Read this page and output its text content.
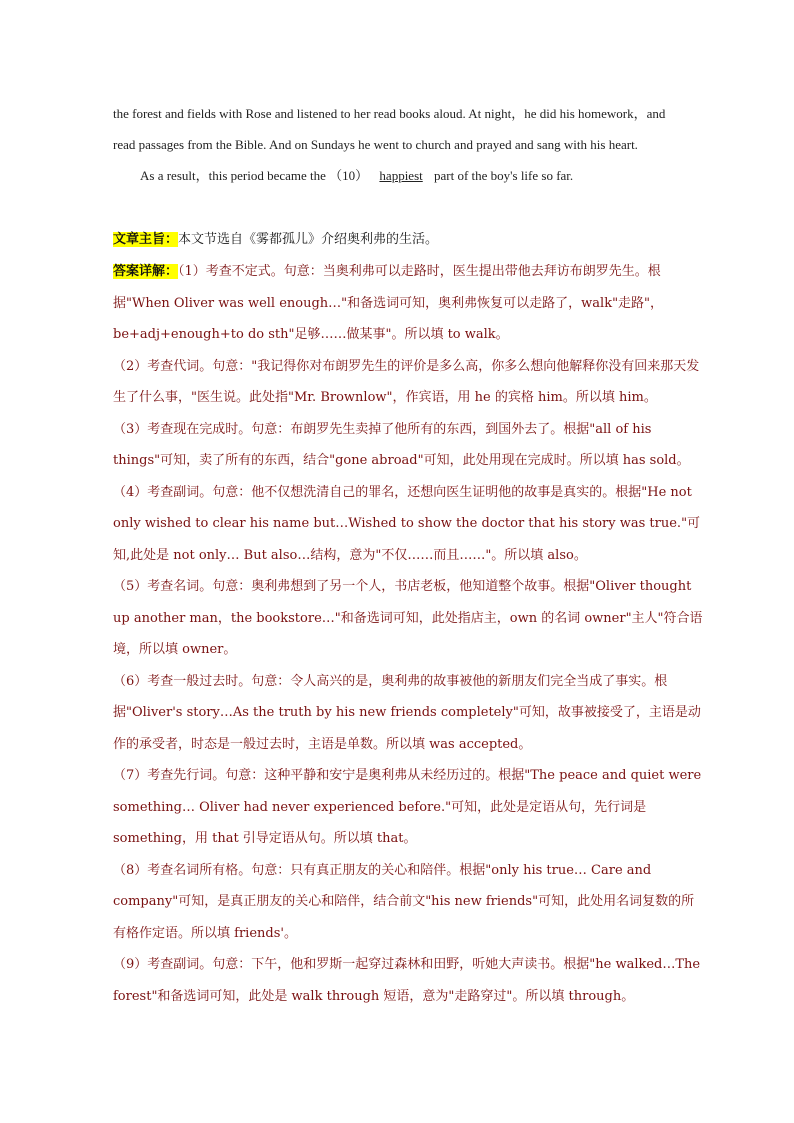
the forest and fields with Rose and listened to her read books aloud. At night，he did his homework，and

read passages from the Bible. And on Sundays he went to church and prayed and sang with his heart.

As a result，this period became the （10） happiest part of the boy's life so far.

文章主旨：本文节选自《雾都孤儿》介绍奥利弗的生活。

答案详解：（1）考查不定式。句意：当奥利弗可以走路时，医生提出带他去拜访布朗罗先生。根据"When Oliver was well enough…"和备选词可知，奥利弗恢复可以走路了，walk"走路"，be+adj+enough+to do sth"足够……做某事"。所以填 to walk。

（2）考查代词。句意："我记得你对布朗罗先生的评价是多么高，你多么想向他解释你没有回来那天发生了什么事，"医生说。此处指"Mr. Brownlow"，作宾语，用 he 的宾格 him。所以填 him。

（3）考查现在完成时。句意：布朗罗先生卖掉了他所有的东西，到国外去了。根据"all of his things"可知，卖了所有的东西，结合"gone abroad"可知，此处用现在完成时。所以填 has sold。

（4）考查副词。句意：他不仅想洗清自己的罪名，还想向医生证明他的故事是真实的。根据"He not only wished to clear his name but…Wished to show the doctor that his story was true."可知,此处是 not only… But also…结构，意为"不仅……而且……"。所以填 also。

（5）考查名词。句意：奥利弗想到了另一个人，书店老板，他知道整个故事。根据"Oliver thought up another man，the bookstore…"和备选词可知，此处指店主，own 的名词 owner"主人"符合语境，所以填 owner。

（6）考查一般过去时。句意：令人高兴的是，奥利弗的故事被他的新朋友们完全当成了事实。根据"Oliver's story…As the truth by his new friends completely"可知，故事被接受了，主语是动作的承受者，时态是一般过去时，主语是单数。所以填 was accepted。

（7）考查先行词。句意：这种平静和安宁是奥利弗从未经历过的。根据"The peace and quiet were something… Oliver had never experienced before."可知，此处是定语从句，先行词是 something，用 that 引导定语从句。所以填 that。

（8）考查名词所有格。句意：只有真正朋友的关心和陪伴。根据"only his true… Care and company"可知，是真正朋友的关心和陪伴，结合前文"his new friends"可知，此处用名词复数的所有格作定语。所以填 friends'。

（9）考查副词。句意：下午，他和罗斯一起穿过森林和田野，听她大声读书。根据"he walked…The forest"和备选词可知，此处是 walk through 短语，意为"走路穿过"。所以填 through。
